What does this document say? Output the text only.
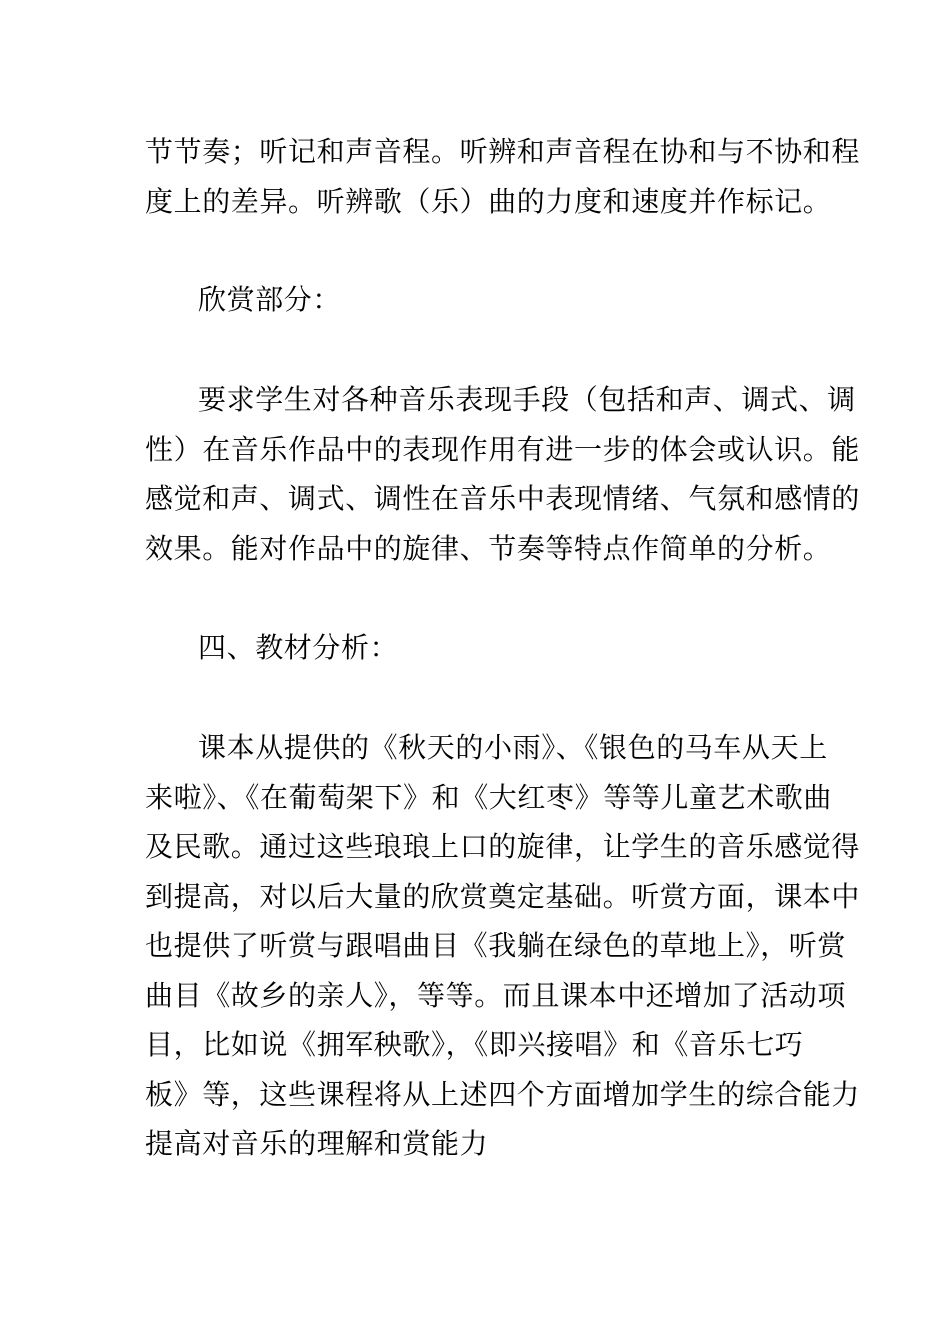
节节奏；听记和声音程。听辨和声音程在协和与不协和程
度上的差异。听辨歌（乐）曲的力度和速度并作标记。

欣赏部分：

要求学生对各种音乐表现手段（包括和声、调式、调
性）在音乐作品中的表现作用有进一步的体会或认识。能
感觉和声、调式、调性在音乐中表现情绪、气氛和感情的
效果。能对作品中的旋律、节奏等特点作简单的分析。

四、教材分析：

课本从提供的《秋天的小雨》、《银色的马车从天上
来啦》、《在葡萄架下》和《大红枣》等等儿童艺术歌曲
及民歌。通过这些琅琅上口的旋律，让学生的音乐感觉得
到提高，对以后大量的欣赏奠定基础。听赏方面，课本中
也提供了听赏与跟唱曲目《我躺在绿色的草地上》，听赏
曲目《故乡的亲人》，等等。而且课本中还增加了活动项
目，比如说《拥军秧歌》，《即兴接唱》和《音乐七巧
板》等，这些课程将从上述四个方面增加学生的综合能力
提高对音乐的理解和赏能力
